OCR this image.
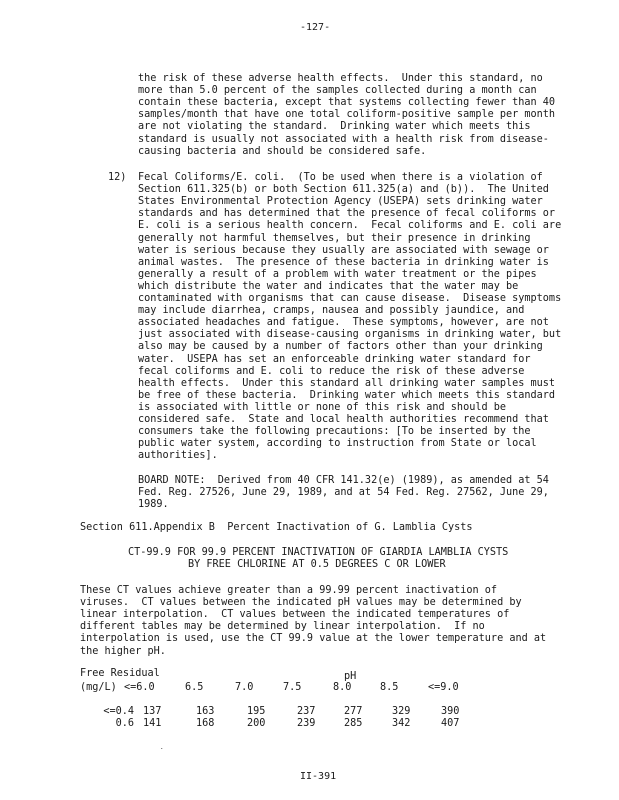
-127-
the risk of these adverse health effects.  Under this standard, no
more than 5.0 percent of the samples collected during a month can
contain these bacteria, except that systems collecting fewer than 40
samples/month that have one total coliform-positive sample per month
are not violating the standard.  Drinking water which meets this
standard is usually not associated with a health risk from disease-
causing bacteria and should be considered safe.
12) Fecal Coliforms/E. coli.  (To be used when there is a violation of
Section 611.325(b) or both Section 611.325(a) and (b)).  The United
States Environmental Protection Agency (USEPA) sets drinking water
standards and has determined that the presence of fecal coliforms or
E. coli is a serious health concern.  Fecal coliforms and E. coli are
generally not harmful themselves, but their presence in drinking
water is serious because they usually are associated with sewage or
animal wastes.  The presence of these bacteria in drinking water is
generally a result of a problem with water treatment or the pipes
which distribute the water and indicates that the water may be
contaminated with organisms that can cause disease.  Disease symptoms
may include diarrhea, cramps, nausea and possibly jaundice, and
associated headaches and fatigue.  These symptoms, however, are not
just associated with disease-causing organisms in drinking water, but
also may be caused by a number of factors other than your drinking
water.  USEPA has set an enforceable drinking water standard for
fecal coliforms and E. coli to reduce the risk of these adverse
health effects.  Under this standard all drinking water samples must
be free of these bacteria.  Drinking water which meets this standard
is associated with little or none of this risk and should be
considered safe.  State and local health authorities recommend that
consumers take the following precautions: [To be inserted by the
public water system, according to instruction from State or local
authorities].
BOARD NOTE:  Derived from 40 CFR 141.32(e) (1989), as amended at 54
Fed. Reg. 27526, June 29, 1989, and at 54 Fed. Reg. 27562, June 29,
1989.
Section 611.Appendix B  Percent Inactivation of G. Lamblia Cysts
CT-99.9 FOR 99.9 PERCENT INACTIVATION OF GIARDIA LAMBLIA CYSTS
BY FREE CHLORINE AT 0.5 DEGREES C OR LOWER
These CT values achieve greater than a 99.99 percent inactivation of
viruses.  CT values between the indicated pH values may be determined by
linear interpolation.  CT values between the indicated temperatures of
different tables may be determined by linear interpolation.  If no
interpolation is used, use the CT 99.9 value at the lower temperature and at
the higher pH.
Free Residual	pH
(mg/L) <=6.0	6.5	7.0	7.5	8.0	8.5	<=9.0
<=0.4 137	163	195	237	277	329	390
0.6 141	168	200	239	285	342	407
.
II-391
